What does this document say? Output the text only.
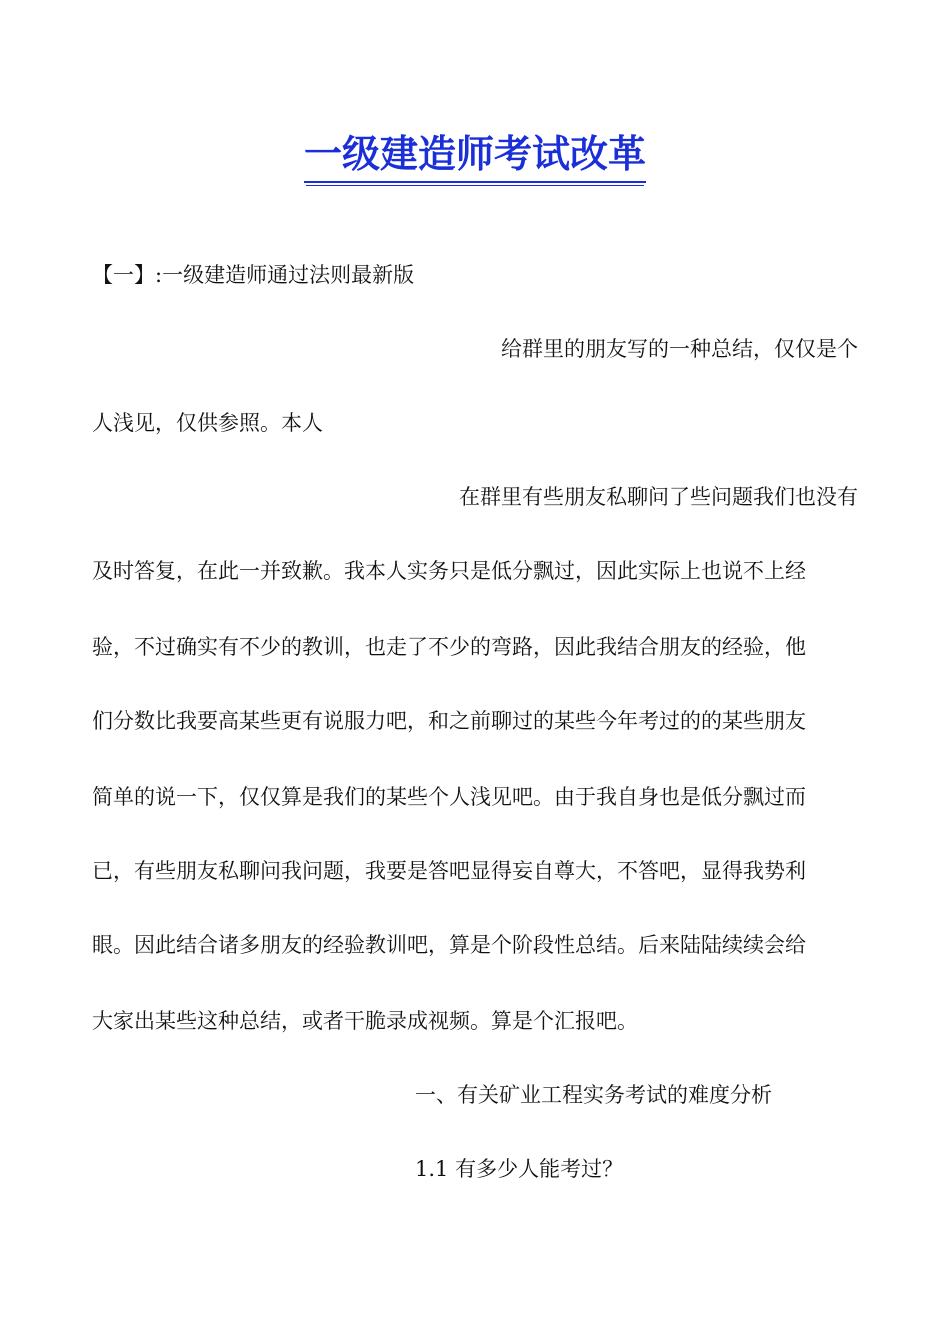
一级建造师考试改革
【一】:一级建造师通过法则最新版
给群里的朋友写的一种总结，仅仅是个
人浅见，仅供参照。本人
在群里有些朋友私聊问了些问题我们也没有
及时答复，在此一并致歉。我本人实务只是低分飘过，因此实际上也说不上经
验，不过确实有不少的教训，也走了不少的弯路，因此我结合朋友的经验，他
们分数比我要高某些更有说服力吧，和之前聊过的某些今年考过的的某些朋友
简单的说一下，仅仅算是我们的某些个人浅见吧。由于我自身也是低分飘过而
已，有些朋友私聊问我问题，我要是答吧显得妄自尊大，不答吧，显得我势利
眼。因此结合诸多朋友的经验教训吧，算是个阶段性总结。后来陆陆续续会给
大家出某些这种总结，或者干脆录成视频。算是个汇报吧。
一、有关矿业工程实务考试的难度分析
1.1 有多少人能考过？
